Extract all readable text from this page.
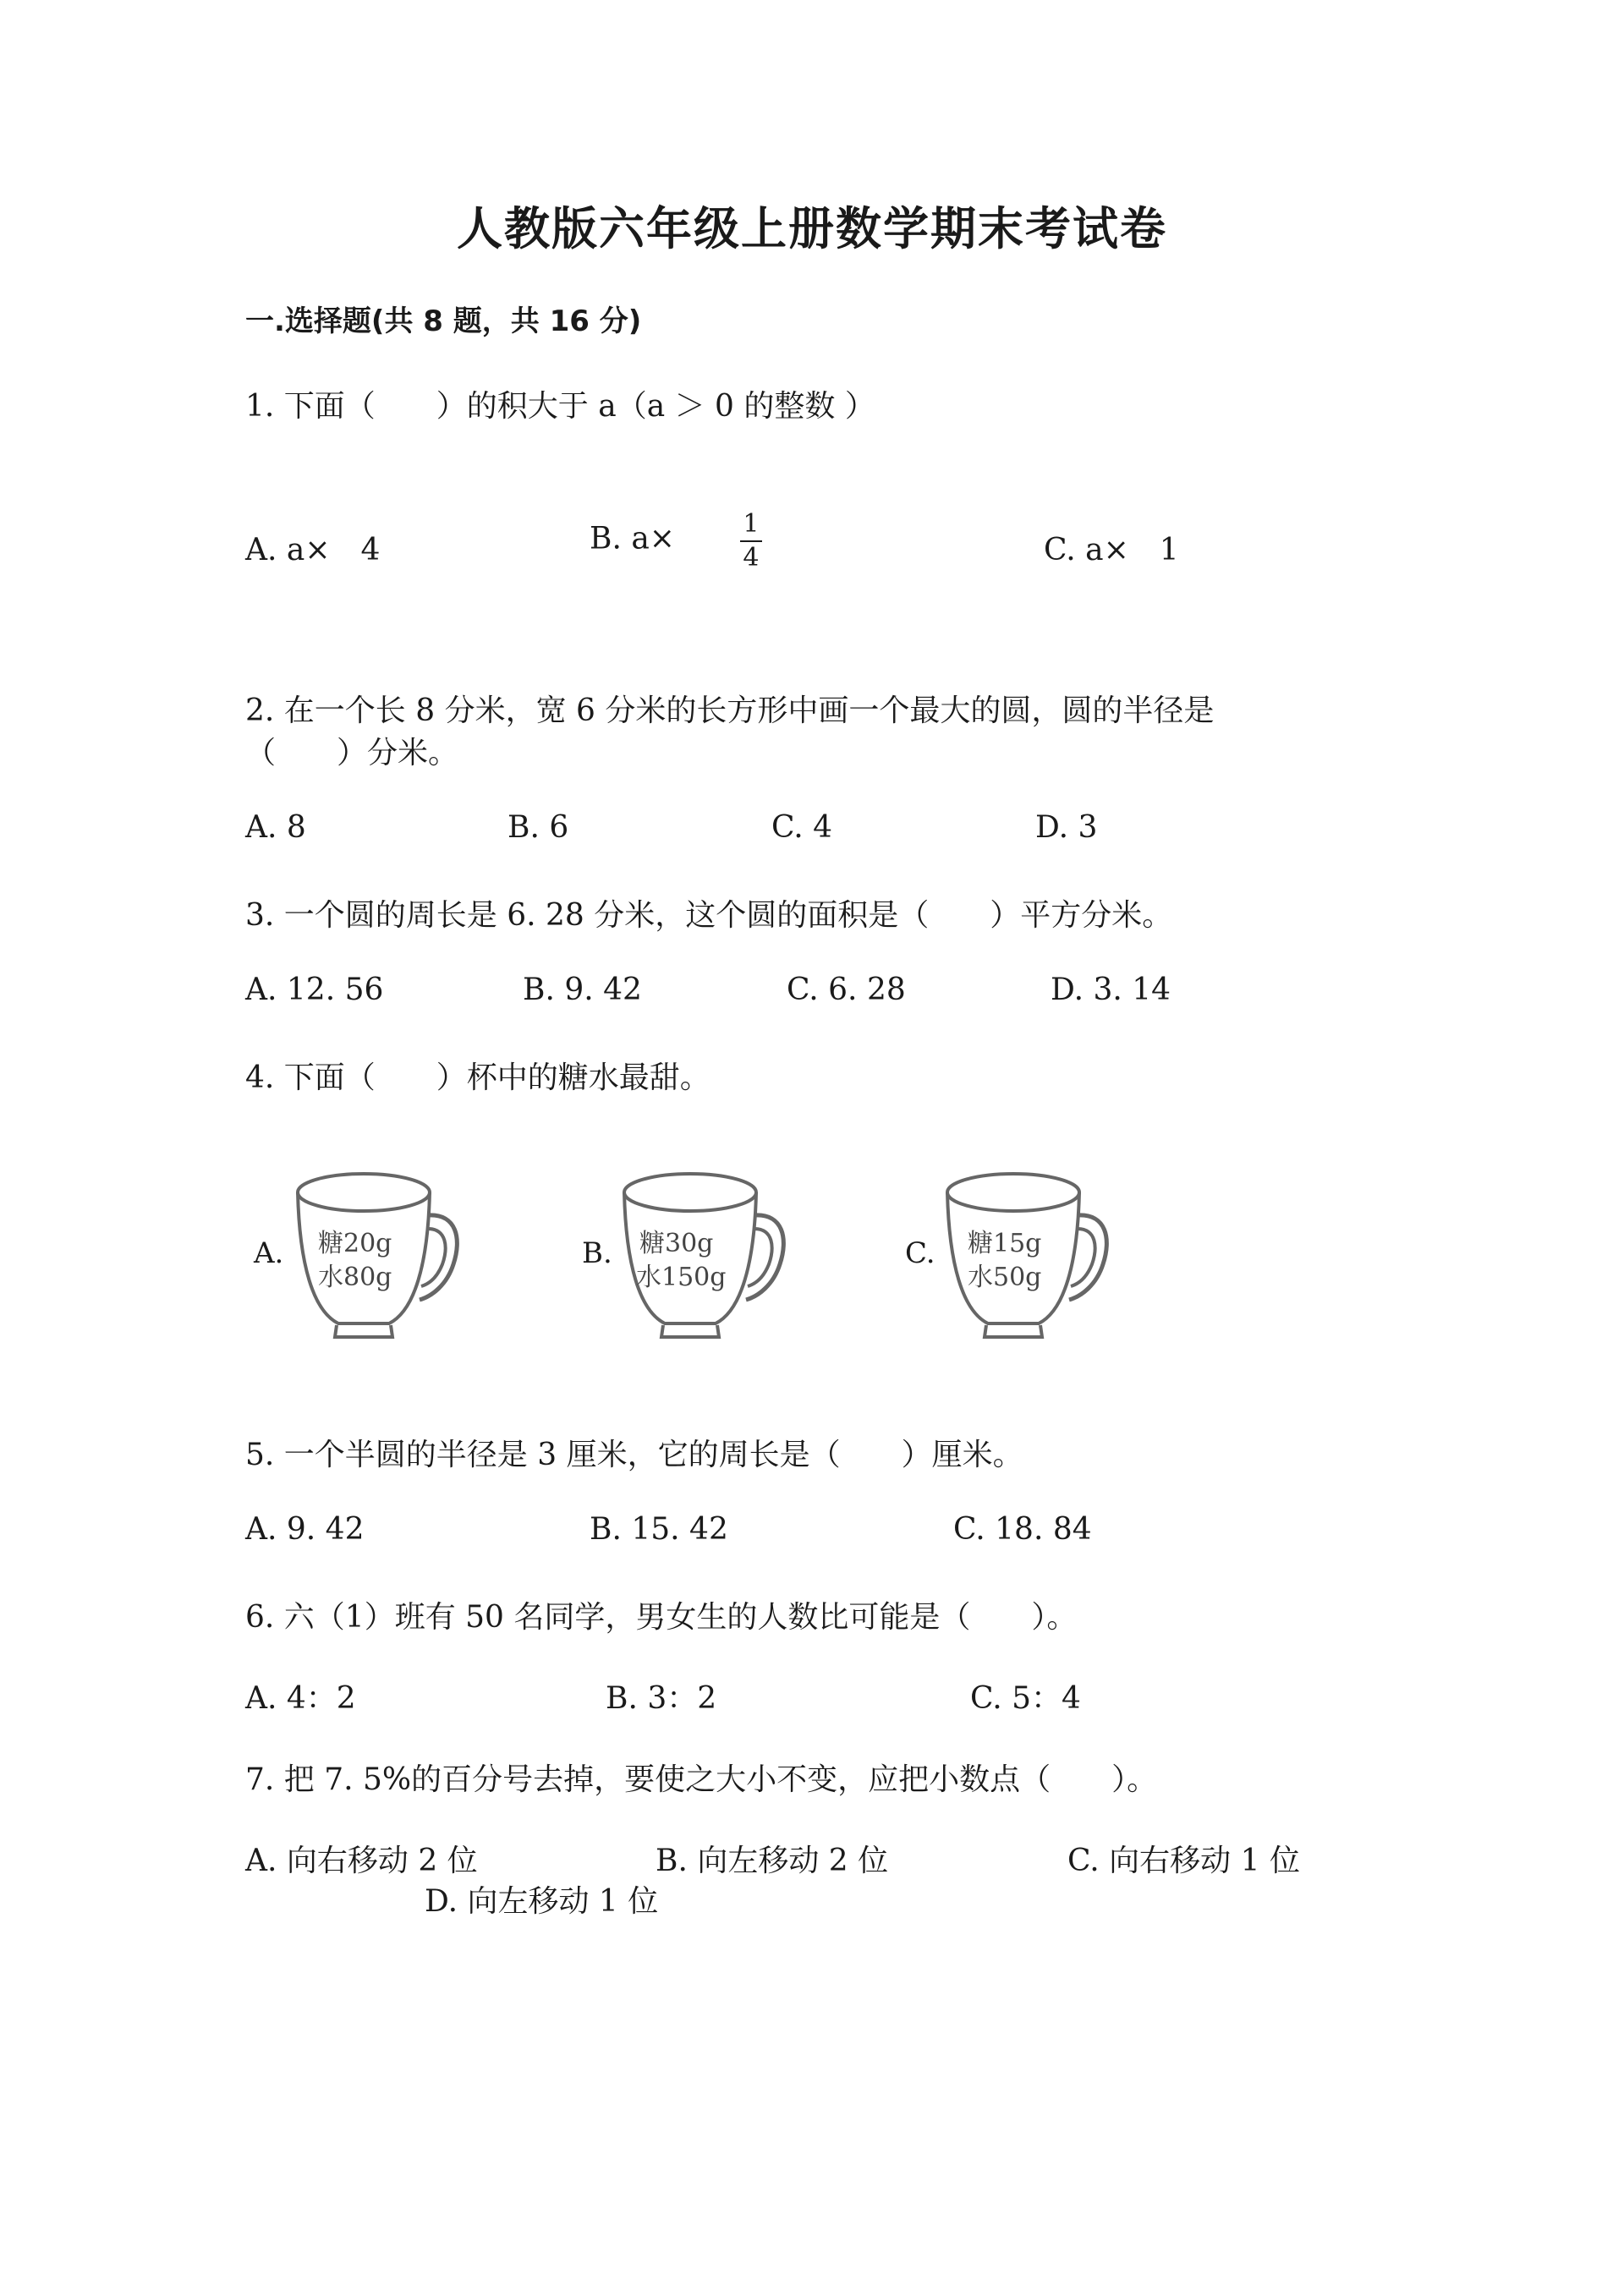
人教版六年级上册数学期末考试卷
一.选择题(共 8 题，共 16 分)
1. 下面（　　）的积大于 a（a ＞ 0 的整数 ）
A. a×　4	B. a×	$\frac{1}{4}$	C. a×　1
2. 在一个长 8 分米，宽 6 分米的长方形中画一个最大的圆，圆的半径是
（　　）分米。
A. 8	B. 6	C. 4	D. 3
3. 一个圆的周长是 6. 28 分米，这个圆的面积是（　　）平方分米。
A. 12. 56	B. 9. 42	C. 6. 28	D. 3. 14
4. 下面（　　）杯中的糖水最甜。
A. 糖20g
水80g
B. 糖30g
水150g
C. 糖15g
水50g
5. 一个半圆的半径是 3 厘米，它的周长是（　　）厘米。
A. 9. 42	B. 15. 42	C. 18. 84
6. 六（1）班有 50 名同学，男女生的人数比可能是（　　）。
A. 4：2	B. 3：2	C. 5：4
7. 把 7. 5%的百分号去掉，要使之大小不变，应把小数点（　　）。
A. 向右移动 2 位	B. 向左移动 2 位	C. 向右移动 1 位
D. 向左移动 1 位
